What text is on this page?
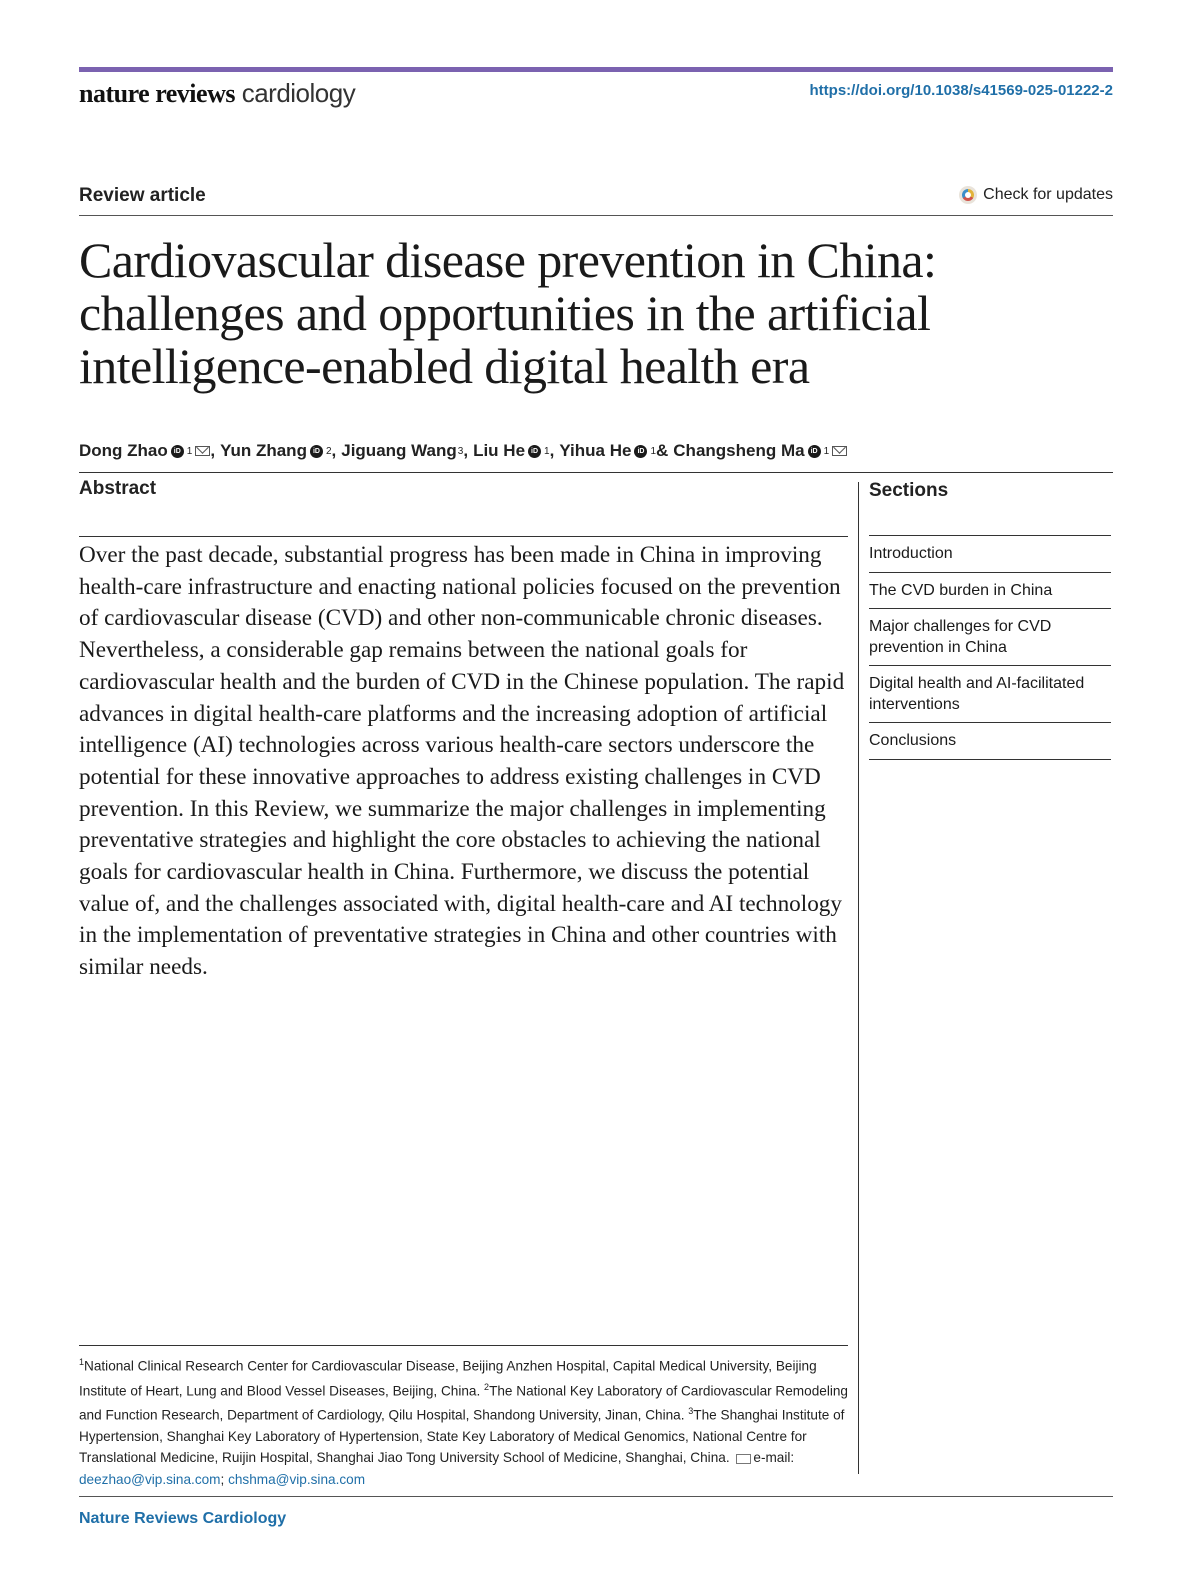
nature reviews cardiology	https://doi.org/10.1038/s41569-025-01222-2
Review article	Check for updates
Cardiovascular disease prevention in China: challenges and opportunities in the artificial intelligence-enabled digital health era
Dong Zhao iD 1 , Yun Zhang iD 2 , Jiguang Wang 3 , Liu He iD 1 , Yihua He iD 1 & Changsheng Ma iD 1
Abstract

Over the past decade, substantial progress has been made in China in improving health-care infrastructure and enacting national policies focused on the prevention of cardiovascular disease (CVD) and other non-communicable chronic diseases. Nevertheless, a considerable gap remains between the national goals for cardiovascular health and the burden of CVD in the Chinese population. The rapid advances in digital health-care platforms and the increasing adoption of artificial intelligence (AI) technologies across various health-care sectors underscore the potential for these innovative approaches to address existing challenges in CVD prevention. In this Review, we summarize the major challenges in implementing preventative strategies and highlight the core obstacles to achieving the national goals for cardiovascular health in China. Furthermore, we discuss the potential value of, and the challenges associated with, digital health-care and AI technology in the implementation of preventative strategies in China and other countries with similar needs.

Sections
Introduction
The CVD burden in China
Major challenges for CVD prevention in China
Digital health and AI-facilitated interventions
Conclusions

$^1$National Clinical Research Center for Cardiovascular Disease, Beijing Anzhen Hospital, Capital Medical University, Beijing Institute of Heart, Lung and Blood Vessel Diseases, Beijing, China. $^2$The National Key Laboratory of Cardiovascular Remodeling and Function Research, Department of Cardiology, Qilu Hospital, Shandong University, Jinan, China. $^3$The Shanghai Institute of Hypertension, Shanghai Key Laboratory of Hypertension, State Key Laboratory of Medical Genomics, National Centre for Translational Medicine, Ruijin Hospital, Shanghai Jiao Tong University School of Medicine, Shanghai, China. e-mail: deezhao@vip.sina.com; chshma@vip.sina.com

Nature Reviews Cardiology
